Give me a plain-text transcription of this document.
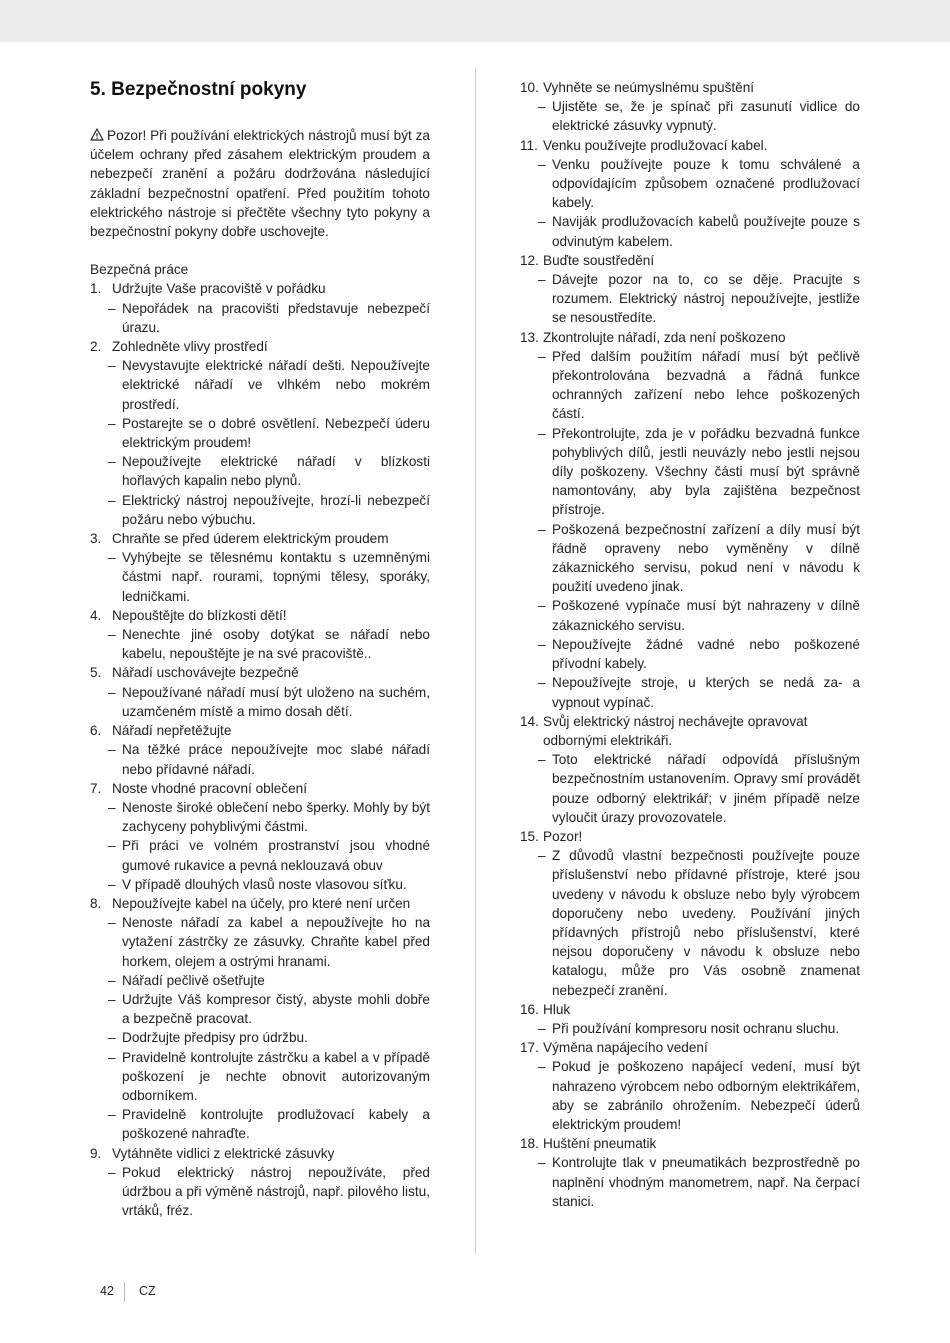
5. Bezpečnostní pokyny

Pozor! Při používání elektrických nástrojů musí být za účelem ochrany před zásahem elektrickým proudem a nebezpečí zranění a požáru dodržována následující základní bezpečnostní opatření. Před použitím tohoto elektrického nástroje si přečtěte všechny tyto pokyny a bezpečnostní pokyny dobře uschovejte.

Bezpečná práce
1. Udržujte Vaše pracoviště v pořádku
– Nepořádek na pracovišti představuje nebezpečí úrazu.
2. Zohledněte vlivy prostředí
– Nevystavujte elektrické nářadí dešti. Nepoužívejte elektrické nářadí ve vlhkém nebo mokrém prostředí.
– Postarejte se o dobré osvětlení. Nebezpečí úderu elektrickým proudem!
– Nepoužívejte elektrické nářadí v blízkosti hořlavých kapalin nebo plynů.
– Elektrický nástroj nepoužívejte, hrozí-li nebezpečí požáru nebo výbuchu.
3. Chraňte se před úderem elektrickým proudem
– Vyhýbejte se tělesnému kontaktu s uzemněnými částmi např. rourami, topnými tělesy, sporáky, ledničkami.
4. Nepouštějte do blízkosti dětí!
– Nenechte jiné osoby dotýkat se nářadí nebo kabelu, nepouštějte je na své pracoviště..
5. Nářadí uschovávejte bezpečně
– Nepoužívané nářadí musí být uloženo na suchém, uzamčeném místě a mimo dosah dětí.
6. Nářadí nepřetěžujte
– Na těžké práce nepoužívejte moc slabé nářadí nebo přídavné nářadí.
7. Noste vhodné pracovní oblečení
– Nenoste široké oblečení nebo šperky. Mohly by být zachyceny pohyblivými částmi.
– Při práci ve volném prostranství jsou vhodné gumové rukavice a pevná neklouzavá obuv
– V případě dlouhých vlasů noste vlasovou síťku.
8. Nepoužívejte kabel na účely, pro které není určen
– Nenoste nářadí za kabel a nepoužívejte ho na vytažení zástrčky ze zásuvky. Chraňte kabel před horkem, olejem a ostrými hranami.
– Nářadí pečlivě ošetřujte
– Udržujte Váš kompresor čistý, abyste mohli dobře a bezpečně pracovat.
– Dodržujte předpisy pro údržbu.
– Pravidelně kontrolujte zástrčku a kabel a v případě poškození je nechte obnovit autorizovaným odborníkem.
– Pravidelně kontrolujte prodlužovací kabely a poškozené nahraďte.
9. Vytáhněte vidlici z elektrické zásuvky
– Pokud elektrický nástroj nepoužíváte, před údržbou a při výměně nástrojů, např. pilového listu, vrtáků, fréz.
10. Vyhněte se neúmyslnému spuštění
– Ujistěte se, že je spínač při zasunutí vidlice do elektrické zásuvky vypnutý.
11. Venku používejte prodlužovací kabel.
– Venku používejte pouze k tomu schválené a odpovídajícím způsobem označené prodlužovací kabely.
– Naviják prodlužovacích kabelů používejte pouze s odvinutým kabelem.
12. Buďte soustředění
– Dávejte pozor na to, co se děje. Pracujte s rozumem. Elektrický nástroj nepoužívejte, jestliže se nesoustředíte.
13. Zkontrolujte nářadí, zda není poškozeno
– Před dalším použitím nářadí musí být pečlivě překontrolována bezvadná a řádná funkce ochranných zařízení nebo lehce poškozených částí.
– Překontrolujte, zda je v pořádku bezvadná funkce pohyblivých dílů, jestli neuvázly nebo jestli nejsou díly poškozeny. Všechny části musí být správně namontovány, aby byla zajištěna bezpečnost přístroje.
– Poškozená bezpečnostní zařízení a díly musí být řádně opraveny nebo vyměněny v dílně zákaznického servisu, pokud není v návodu k použití uvedeno jinak.
– Poškozené vypínače musí být nahrazeny v dílně zákaznického servisu.
– Nepoužívejte žádné vadné nebo poškozené přívodní kabely.
– Nepoužívejte stroje, u kterých se nedá za- a vypnout vypínač.
14. Svůj elektrický nástroj nechávejte opravovat odbornými elektrikáři.
– Toto elektrické nářadí odpovídá příslušným bezpečnostním ustanovením. Opravy smí provádět pouze odborný elektrikář; v jiném případě nelze vyloučit úrazy provozovatele.
15. Pozor!
– Z důvodů vlastní bezpečnosti používejte pouze příslušenství nebo přídavné přístroje, které jsou uvedeny v návodu k obsluze nebo byly výrobcem doporučeny nebo uvedeny. Používání jiných přídavných přístrojů nebo příslušenství, které nejsou doporučeny v návodu k obsluze nebo katalogu, může pro Vás osobně znamenat nebezpečí zranění.
16. Hluk
– Při používání kompresoru nosit ochranu sluchu.
17. Výměna napájecího vedení
– Pokud je poškozeno napájecí vedení, musí být nahrazeno výrobcem nebo odborným elektrikářem, aby se zabránilo ohrožením. Nebezpečí úderů elektrickým proudem!
18. Huštění pneumatik
– Kontrolujte tlak v pneumatikách bezprostředně po naplnění vhodným manometrem, např. Na čerpací stanici.
42 CZ
